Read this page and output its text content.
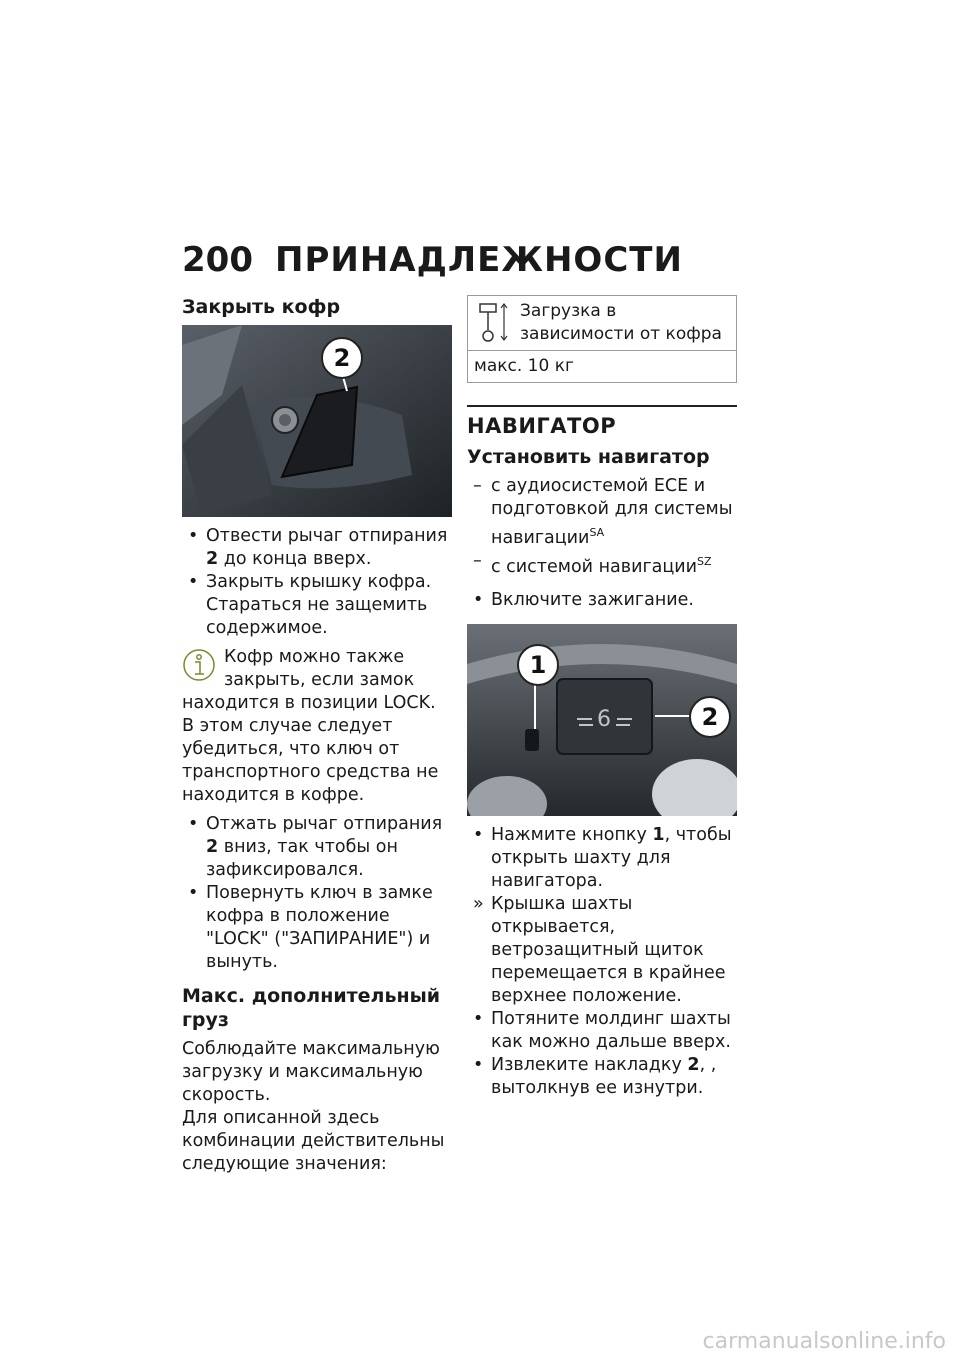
200 ПРИНАДЛЕЖНОСТИ
Закрыть кофр
2
• Отвести рычаг отпирания 2 до конца вверх.
• Закрыть крышку кофра. Стараться не защемить содержимое.
Кофр можно также закрыть, если замок находится в позиции LOCK. В этом случае следует убедиться, что ключ от транспортного средства не находится в кофре.
• Отжать рычаг отпирания 2 вниз, так чтобы он зафиксировался.
• Повернуть ключ в замке кофра в положение "LOCK" ("ЗАПИРАНИЕ") и вынуть.
Макс. дополнительный груз
Соблюдайте максимальную загрузку и максимальную скорость.
Для описанной здесь комбинации действительны следующие значения:
Загрузка в зависимости от кофра

макс. 10 кг
НАВИГАТОР
Установить навигатор
– с аудиосистемой ECE и подготовкой для системы навигации$^{SA}$
– с системой навигации$^{SZ}$
• Включите зажигание.
6
1
2
• Нажмите кнопку 1, чтобы открыть шахту для навигатора.
» Крышка шахты открывается, ветрозащитный щиток перемещается в крайнее верхнее положение.
• Потяните молдинг шахты как можно дальше вверх.
• Извлеките накладку 2, , вытолкнув ее изнутри.
carmanualsonline.info
